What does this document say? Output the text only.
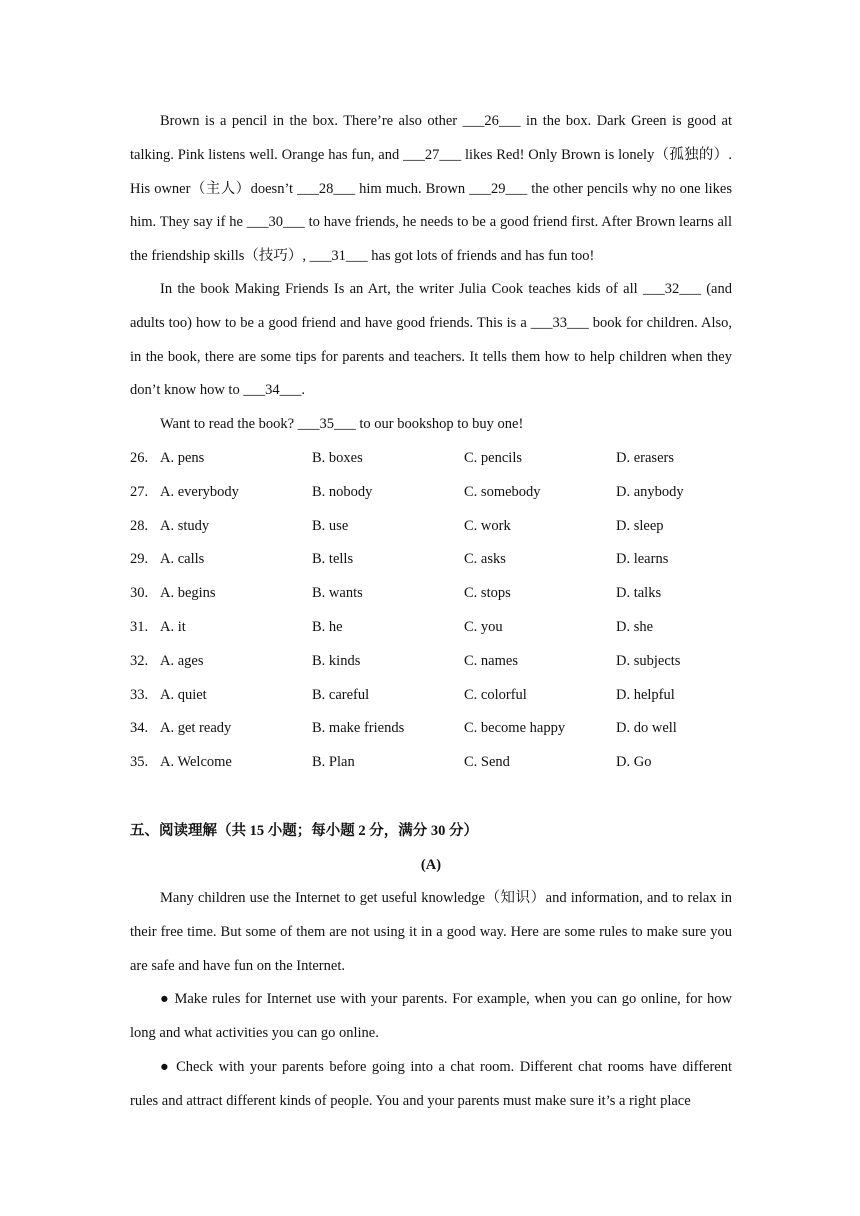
Brown is a pencil in the box. There’re also other ___26___ in the box. Dark Green is good at talking. Pink listens well. Orange has fun, and ___27___ likes Red! Only Brown is lonely（孤独的）. His owner（主人）doesn’t ___28___ him much. Brown ___29___ the other pencils why no one likes him. They say if he ___30___ to have friends, he needs to be a good friend first. After Brown learns all the friendship skills（技巧）, ___31___ has got lots of friends and has fun too!

In the book Making Friends Is an Art, the writer Julia Cook teaches kids of all ___32___ (and adults too) how to be a good friend and have good friends. This is a ___33___ book for children. Also, in the book, there are some tips for parents and teachers. It tells them how to help children when they don’t know how to ___34___.

Want to read the book? ___35___ to our bookshop to buy one!

26. A. pens	B. boxes	C. pencils	D. erasers
27. A. everybody	B. nobody	C. somebody	D. anybody
28. A. study	B. use	C. work	D. sleep
29. A. calls	B. tells	C. asks	D. learns
30. A. begins	B. wants	C. stops	D. talks
31. A. it	B. he	C. you	D. she
32. A. ages	B. kinds	C. names	D. subjects
33. A. quiet	B. careful	C. colorful	D. helpful
34. A. get ready	B. make friends	C. become happy	D. do well
35. A. Welcome	B. Plan	C. Send	D. Go

五、阅读理解（共 15 小题；每小题 2 分，满分 30 分）

(A)

Many children use the Internet to get useful knowledge（知识）and information, and to relax in their free time. But some of them are not using it in a good way. Here are some rules to make sure you are safe and have fun on the Internet.

● Make rules for Internet use with your parents. For example, when you can go online, for how long and what activities you can go online.

● Check with your parents before going into a chat room. Different chat rooms have different rules and attract different kinds of people. You and your parents must make sure it’s a right place
